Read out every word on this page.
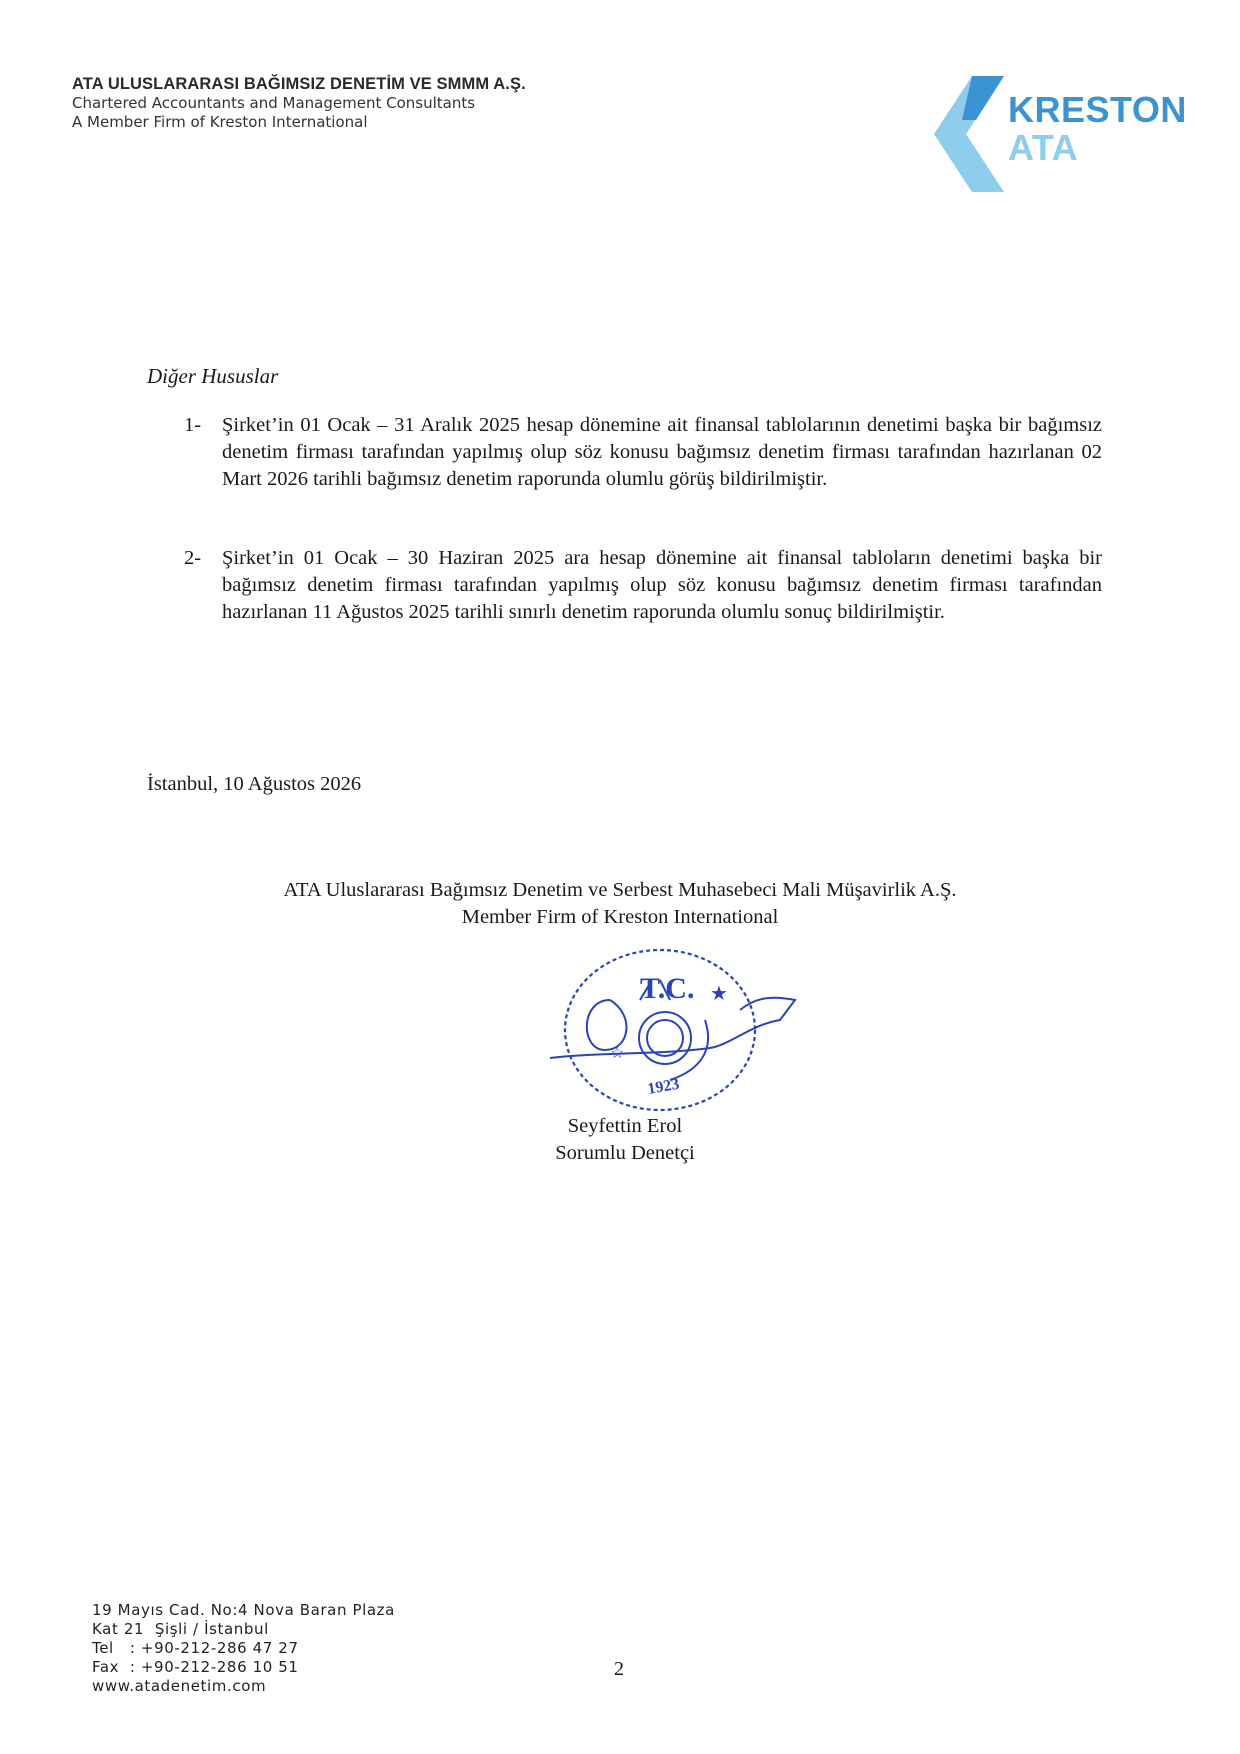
ATA ULUSLARARASI BAĞIMSIZ DENETİM VE SMMM A.Ş.
Chartered Accountants and Management Consultants
A Member Firm of Kreston International	KRESTON
ATA
Diğer Hususlar
1- Şirket’in 01 Ocak – 31 Aralık 2025 hesap dönemine ait finansal tablolarının denetimi başka bir bağımsız denetim firması tarafından yapılmış olup söz konusu bağımsız denetim firması tarafından hazırlanan 02 Mart 2026 tarihli bağımsız denetim raporunda olumlu görüş bildirilmiştir.
2- Şirket’in 01 Ocak – 30 Haziran 2025 ara hesap dönemine ait finansal tabloların denetimi başka bir bağımsız denetim firması tarafından yapılmış olup söz konusu bağımsız denetim firması tarafından hazırlanan 11 Ağustos 2025 tarihli sınırlı denetim raporunda olumlu sonuç bildirilmiştir.
İstanbul, 10 Ağustos 2026
ATA Uluslararası Bağımsız Denetim ve Serbest Muhasebeci Mali Müşavirlik A.Ş.
Member Firm of Kreston International
T.C.
1923
★
☆
Seyfettin Erol
Sorumlu Denetçi
19 Mayıs Cad. No:4 Nova Baran Plaza
Kat 21  Şişli / İstanbul
Tel   : +90-212-286 47 27
Fax  : +90-212-286 10 51
www.atadenetim.com
2
